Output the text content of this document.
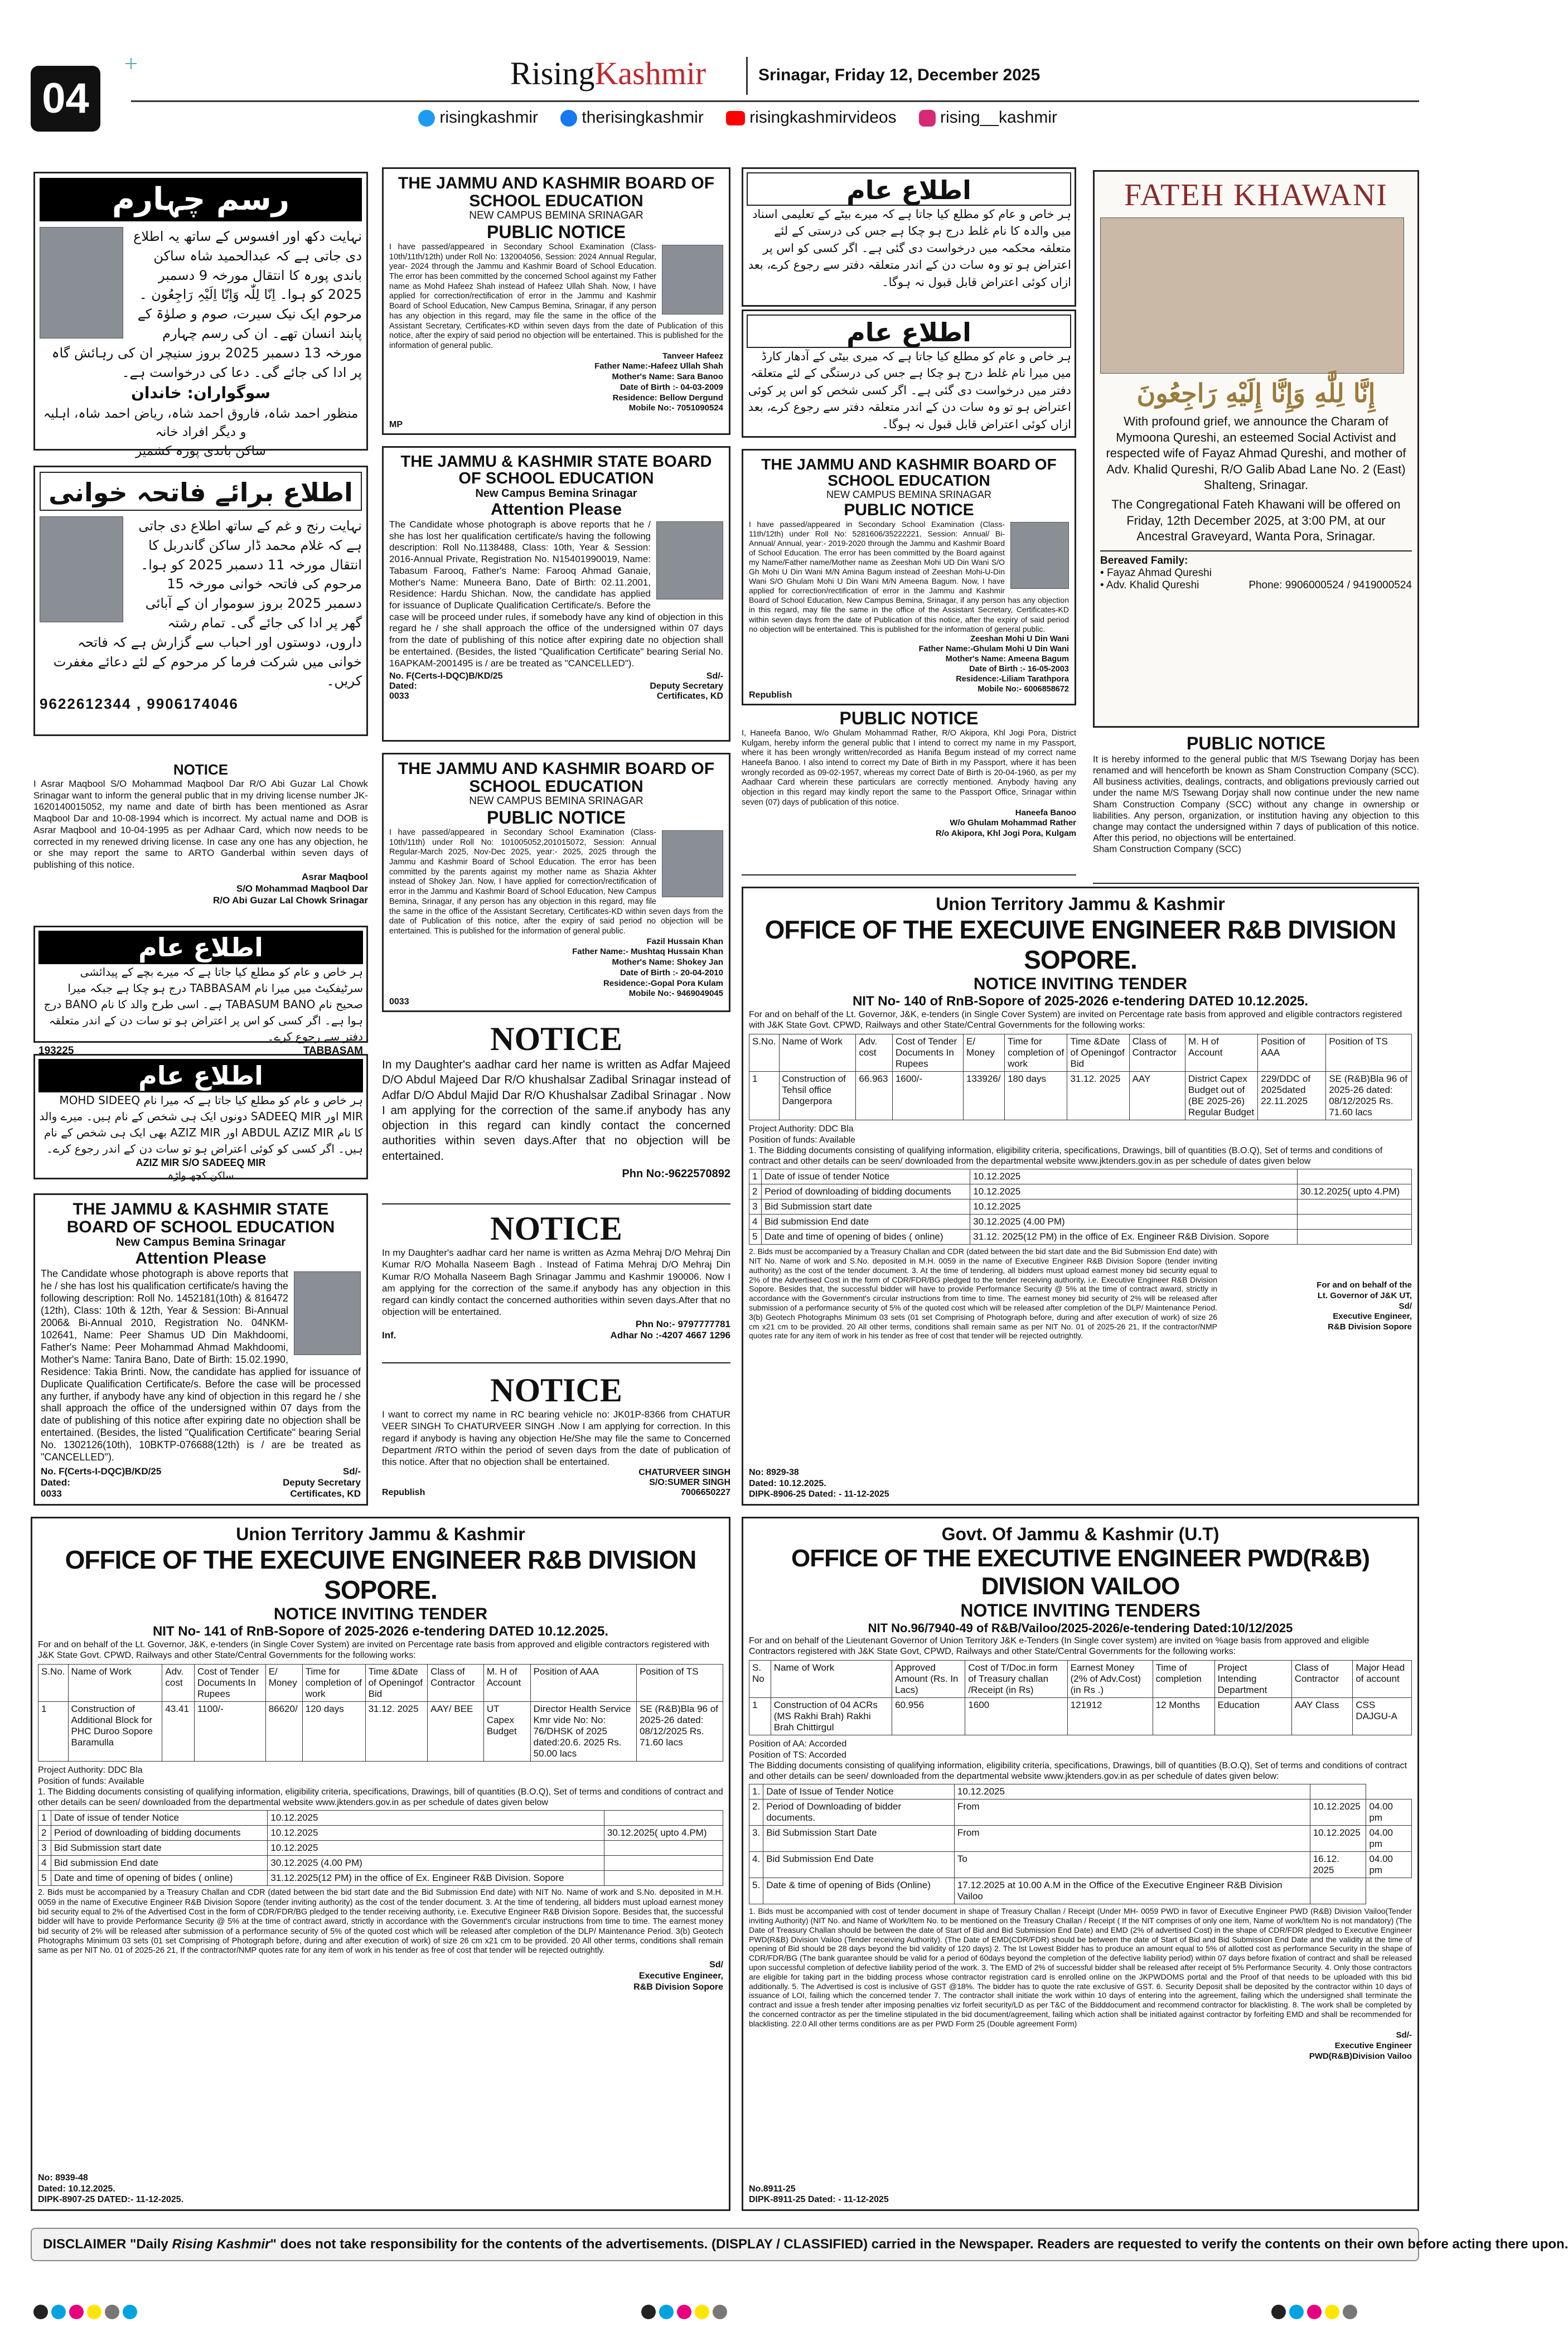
04
RisingKashmir	Srinagar, Friday 12, December 2025
risingkashmir	therisingkashmir	risingkashmirvideos	rising__kashmir
رسم چہارم

نہایت دکھ اور افسوس کے ساتھ یہ اطلاع دی جاتی ہے کہ عبدالحمید شاہ ساکن باندی پورہ کا انتقال مورخہ 9 دسمبر 2025 کو ہوا۔ اِنّا لِلّٰہ وَاِنّا اِلَیْہِ رَاجِعُون ۔ مرحوم ایک نیک سیرت، صوم و صلوٰۃ کے پابند انسان تھے۔ ان کی رسم چہارم مورخہ 13 دسمبر 2025 بروز سنیچر ان کی رہائش گاہ پر ادا کی جائے گی۔ دعا کی درخواست ہے۔

سوگواران: خاندان

منظور احمد شاہ، فاروق احمد شاہ، ریاض احمد شاہ، اہلیہ و دیگر افراد خانہ

ساکن باندی پورہ کشمیر

اطلاع برائے فاتحہ خوانی

نہایت رنج و غم کے ساتھ اطلاع دی جاتی ہے کہ غلام محمد ڈار ساکن گاندربل کا انتقال مورخہ 11 دسمبر 2025 کو ہوا۔ مرحوم کی فاتحہ خوانی مورخہ 15 دسمبر 2025 بروز سوموار ان کے آبائی گھر پر ادا کی جائے گی۔ تمام رشتہ داروں، دوستوں اور احباب سے گزارش ہے کہ فاتحہ خوانی میں شرکت فرما کر مرحوم کے لئے دعائے مغفرت کریں۔

9622612344 , 9906174046

NOTICE

I Asrar Maqbool S/O Mohammad Maqbool Dar R/O Abi Guzar Lal Chowk Srinagar want to inform the general public that in my driving license number JK-1620140015052, my name and date of birth has been mentioned as Asrar Maqbool Dar and 10-08-1994 which is incorrect. My actual name and DOB is Asrar Maqbool and 10-04-1995 as per Adhaar Card, which now needs to be corrected in my renewed driving license. In case any one has any objection, he or she may report the same to ARTO Ganderbal within seven days of publishing of this notice.

Asrar Maqbool
S/O Mohammad Maqbool Dar
R/O Abi Guzar Lal Chowk Srinagar
اطلاع عام

ہر خاص و عام کو مطلع کیا جاتا ہے کہ میرے بچے کے پیدائشی سرٹیفکیٹ میں میرا نام TABBASAM درج ہو چکا ہے جبکہ میرا صحیح نام TABASUM BANO ہے۔ اسی طرح والد کا نام BANO درج ہوا ہے۔ اگر کسی کو اس پر اعتراض ہو تو سات دن کے اندر متعلقہ دفتر سے رجوع کرے۔

193225	TABBASAM
اطلاع عام

ہر خاص و عام کو مطلع کیا جاتا ہے کہ میرا نام MOHD SIDEEQ MIR اور SADEEQ MIR دونوں ایک ہی شخص کے نام ہیں۔ میرے والد کا نام ABDUL AZIZ MIR اور AZIZ MIR بھی ایک ہی شخص کے نام ہیں۔ اگر کسی کو کوئی اعتراض ہو تو سات دن کے اندر رجوع کرے۔

AZIZ MIR S/O SADEEQ MIR
ساکن کچھ واڑہ
THE JAMMU & KASHMIR STATE BOARD OF SCHOOL EDUCATION
New Campus Bemina Srinagar
Attention Please

The Candidate whose photograph is above reports that he / she has lost his qualification certificate/s having the following description: Roll No. 1452181(10th) & 816472 (12th), Class: 10th & 12th, Year & Session: Bi-Annual 2006& Bi-Annual 2010, Registration No. 04NKM-102641, Name: Peer Shamus UD Din Makhdoomi, Father's Name: Peer Mohammad Ahmad Makhdoomi, Mother's Name: Tanira Bano, Date of Birth: 15.02.1990, Residence: Takia Brinti. Now, the candidate has applied for issuance of Duplicate Qualification Certificate/s. Before the case will be processed any further, if anybody have any kind of objection in this regard he / she shall approach the office of the undersigned within 07 days from the date of publishing of this notice after expiring date no objection shall be entertained. (Besides, the listed "Qualification Certificate" bearing Serial No. 1302126(10th), 10BKTP-076688(12th) is / are be treated as "CANCELLED").

No. F(Certs-I-DQC)B/KD/25
Dated:
0033
Sd/-
Deputy Secretary
Certificates, KD
THE JAMMU AND KASHMIR BOARD OF SCHOOL EDUCATION
NEW CAMPUS BEMINA SRINAGAR
PUBLIC NOTICE

I have passed/appeared in Secondary School Examination (Class-10th/11th/12th) under Roll No: 132004056, Session: 2024 Annual Regular, year- 2024 through the Jammu and Kashmir Board of School Education. The error has been committed by the concerned School against my Father name as Mohd Hafeez Shah instead of Hafeez Ullah Shah. Now, I have applied for correction/rectification of error in the Jammu and Kashmir Board of School Education, New Campus Bemina, Srinagar, if any person has any objection in this regard, may file the same in the office of the Assistant Secretary, Certificates-KD within seven days from the date of Publication of this notice, after the expiry of said period no objection will be entertained. This is published for the information of general public.

Tanveer Hafeez
Father Name:-Hafeez Ullah Shah
Mother's Name: Sara Banoo
Date of Birth :- 04-03-2009
Residence: Bellow Dergund
Mobile No:- 7051090524
MP
THE JAMMU & KASHMIR STATE BOARD OF SCHOOL EDUCATION
New Campus Bemina Srinagar
Attention Please

The Candidate whose photograph is above reports that he / she has lost her qualification certificate/s having the following description: Roll No.1138488, Class: 10th, Year & Session: 2016-Annual Private, Registration No. N15401990019, Name: Tabasum Farooq, Father's Name: Farooq Ahmad Ganaie, Mother's Name: Muneera Bano, Date of Birth: 02.11.2001, Residence: Hardu Shichan. Now, the candidate has applied for issuance of Duplicate Qualification Certificate/s. Before the case will be proceed under rules, if somebody have any kind of objection in this regard he / she shall approach the office of the undersigned within 07 days from the date of publishing of this notice after expiring date no objection shall be entertained. (Besides, the listed "Qualification Certificate" bearing Serial No. 16APKAM-2001495 is / are be treated as "CANCELLED").

No. F(Certs-I-DQC)B/KD/25
Dated:
0033
Sd/-
Deputy Secretary
Certificates, KD
THE JAMMU AND KASHMIR BOARD OF SCHOOL EDUCATION
NEW CAMPUS BEMINA SRINAGAR
PUBLIC NOTICE

I have passed/appeared in Secondary School Examination (Class-10th/11th) under Roll No: 101005052,201015072, Session: Annual Regular-March 2025, Nov-Dec 2025, year:- 2025, 2025 through the Jammu and Kashmir Board of School Education. The error has been committed by the parents against my mother name as Shazia Akhter instead of Shokey Jan. Now, I have applied for correction/rectification of error in the Jammu and Kashmir Board of School Education, New Campus Bemina, Srinagar, if any person has any objection in this regard, may file the same in the office of the Assistant Secretary, Certificates-KD within seven days from the date of Publication of this notice, after the expiry of said period no objection will be entertained. This is published for the information of general public.

Fazil Hussain Khan
Father Name:- Mushtaq Hussain Khan
Mother's Name: Shokey Jan
Date of Birth :- 20-04-2010
Residence:-Gopal Pora Kulam
Mobile No:- 9469049045
0033
NOTICE

In my Daughter's aadhar card her name is written as Adfar Majeed D/O Abdul Majeed Dar R/O khushalsar Zadibal Srinagar instead of Adfar D/O Abdul Majid Dar R/O Khushalsar Zadibal Srinagar . Now I am applying for the correction of the same.if anybody has any objection in this regard can kindly contact the concerned authorities within seven days.After that no objection will be entertained.

Phn No:-9622570892
NOTICE

In my Daughter's aadhar card her name is written as Azma Mehraj D/O Mehraj Din Kumar R/O Mohalla Naseem Bagh . Instead of Fatima Mehraj D/O Mehraj Din Kumar R/O Mohalla Naseem Bagh Srinagar Jammu and Kashmir 190006. Now I am applying for the correction of the same.if anybody has any objection in this regard can kindly contact the concerned authorities within seven days.After that no objection will be entertained.

Phn No:- 9797777781
Inf.	Adhar No :-4207 4667 1296
NOTICE

I want to correct my name in RC bearing vehicle no: JK01P-8366 from CHATUR VEER SINGH To CHATURVEER SINGH .Now I am applying for correction. In this regard if anybody is having any objection He/She may file the same to Concerned Department /RTO within the period of seven days from the date of publication of this notice. After that no objection shall be entertained.

Republish
CHATURVEER SINGH
S/O:SUMER SINGH
7006650227
اطلاع عام

ہر خاص و عام کو مطلع کیا جاتا ہے کہ میرے بیٹے کے تعلیمی اسناد میں والدہ کا نام غلط درج ہو چکا ہے جس کی درستی کے لئے متعلقہ محکمہ میں درخواست دی گئی ہے۔ اگر کسی کو اس پر اعتراض ہو تو وہ سات دن کے اندر متعلقہ دفتر سے رجوع کرے، بعد ازاں کوئی اعتراض قابل قبول نہ ہوگا۔

اطلاع عام

ہر خاص و عام کو مطلع کیا جاتا ہے کہ میری بیٹی کے آدھار کارڈ میں میرا نام غلط درج ہو چکا ہے جس کی درستگی کے لئے متعلقہ دفتر میں درخواست دی گئی ہے۔ اگر کسی شخص کو اس پر کوئی اعتراض ہو تو وہ سات دن کے اندر متعلقہ دفتر سے رجوع کرے، بعد ازاں کوئی اعتراض قابل قبول نہ ہوگا۔

THE JAMMU AND KASHMIR BOARD OF SCHOOL EDUCATION
NEW CAMPUS BEMINA SRINAGAR
PUBLIC NOTICE

I have passed/appeared in Secondary School Examination (Class-11th/12th) under Roll No: 5281606/35222221, Session: Annual/ Bi-Annual/ Annual, year:- 2019-2020 through the Jammu and Kashmir Board of School Education. The error has been committed by the Board against my Name/Father name/Mother name as Zeeshan Mohi UD Din Wani S/O Gh Mohi U Din Wani M/N Amina Bagum instead of Zeeshan Mohi-U-Din Wani S/O Ghulam Mohi U Din Wani M/N Ameena Bagum. Now, I have applied for correction/rectification of error in the Jammu and Kashmir Board of School Education, New Campus Bemina, Srinagar, if any person has any objection in this regard, may file the same in the office of the Assistant Secretary, Certificates-KD within seven days from the date of Publication of this notice, after the expiry of said period no objection will be entertained. This is published for the information of general public.

Zeeshan Mohi U Din Wani
Father Name:-Ghulam Mohi U Din Wani
Mother's Name: Ameena Bagum
Date of Birth :- 16-05-2003
Residence:-Liliam Tarathpora
Mobile No:- 6006858672
Republish
PUBLIC NOTICE

I, Haneefa Banoo, W/o Ghulam Mohammad Rather, R/O Akipora, Khl Jogi Pora, District Kulgam, hereby inform the general public that I intend to correct my name in my Passport, where it has been wrongly written/recorded as Hanifa Begum instead of my correct name Haneefa Banoo. I also intend to correct my Date of Birth in my Passport, where it has been wrongly recorded as 09-02-1957, whereas my correct Date of Birth is 20-04-1960, as per my Aadhaar Card wherein these particulars are correctly mentioned. Anybody having any objection in this regard may kindly report the same to the Passport Office, Srinagar within seven (07) days of publication of this notice.

Haneefa Banoo
W/o Ghulam Mohammad Rather
R/o Akipora, Khl Jogi Pora, Kulgam
FATEH KHAWANI
إِنَّا لِلَّٰهِ وَإِنَّا إِلَيْهِ رَاجِعُونَ

With profound grief, we announce the Charam of Mymoona Qureshi, an esteemed Social Activist and respected wife of Fayaz Ahmad Qureshi, and mother of Adv. Khalid Qureshi, R/O Galib Abad Lane No. 2 (East) Shalteng, Srinagar.

The Congregational Fateh Khawani will be offered on Friday, 12th December 2025, at 3:00 PM, at our Ancestral Graveyard, Wanta Pora, Srinagar.

Bereaved Family:
• Fayaz Ahmad Qureshi
• Adv. Khalid Qureshi	Phone: 9906000524 / 9419000524
PUBLIC NOTICE

It is hereby informed to the general public that M/S Tsewang Dorjay has been renamed and will henceforth be known as Sham Construction Company (SCC). All business activities, dealings, contracts, and obligations previously carried out under the name M/S Tsewang Dorjay shall now continue under the new name Sham Construction Company (SCC) without any change in ownership or liabilities. Any person, organization, or institution having any objection to this change may contact the undersigned within 7 days of publication of this notice. After this period, no objections will be entertained.

Sham Construction Company (SCC)
Union Territory Jammu & Kashmir
OFFICE OF THE EXECUIVE ENGINEER R&B DIVISION SOPORE.
NOTICE INVITING TENDER
NIT No- 140 of RnB-Sopore of 2025-2026 e-tendering DATED 10.12.2025.

For and on behalf of the Lt. Governor, J&K, e-tenders (in Single Cover System) are invited on Percentage rate basis from approved and eligible contractors registered with J&K State Govt. CPWD, Railways and other State/Central Governments for the following works:

S.No.	Name of Work	Adv. cost	Cost of Tender Documents In Rupees	E/ Money	Time for completion of work	Time &Date of Openingof Bid	Class of Contractor	M. H of Account	Position of AAA	Position of TS
1	Construction of Tehsil office Dangerpora	66.963	1600/-	133926/	180 days	31.12. 2025	AAY	District Capex Budget out of (BE 2025-26) Regular Budget	229/DDC of 2025dated 22.11.2025	SE (R&B)Bla 96 of 2025-26 dated: 08/12/2025 Rs. 71.60 lacs
Project Authority: DDC Bla
Position of funds: Available

1. The Bidding documents consisting of qualifying information, eligibility criteria, specifications, Drawings, bill of quantities (B.O.Q), Set of terms and conditions of contract and other details can be seen/ downloaded from the departmental website www.jktenders.gov.in as per schedule of dates given below

1	Date of issue of tender Notice	10.12.2025	
2	Period of downloading of bidding documents	10.12.2025	30.12.2025( upto 4.PM)
3	Bid Submission start date	10.12.2025	
4	Bid submission End date	30.12.2025 (4.00 PM)	
5	Date and time of opening of bides ( online)	31.12. 2025(12 PM) in the office of Ex. Engineer R&B Division. Sopore	

2. Bids must be accompanied by a Treasury Challan and CDR (dated between the bid start date and the Bid Submission End date) with NIT No. Name of work and S.No. deposited in M.H. 0059 in the name of Executive Engineer R&B Division Sopore (tender inviting authority) as the cost of the tender document. 3. At the time of tendering, all bidders must upload earnest money bid security equal to 2% of the Advertised Cost in the form of CDR/FDR/BG pledged to the tender receiving authority, i.e. Executive Engineer R&B Division Sopore. Besides that, the successful bidder will have to provide Performance Security @ 5% at the time of contract award, strictly in accordance with the Government's circular instructions from time to time. The earnest money bid security of 2% will be released after submission of a performance security of 5% of the quoted cost which will be released after completion of the DLP/ Maintenance Period. 3(b) Geotech Photographs Minimum 03 sets (01 set Comprising of Photograph before, during and after execution of work) of size 26 cm x21 cm to be provided. 20 All other terms, conditions shall remain same as per NIT No. 01 of 2025-26 21, If the contractor/NMP quotes rate for any item of work in his tender as free of cost that tender will be rejected outrightly.

For and on behalf of the
Lt. Governor of J&K UT,
Sd/
Executive Engineer,
R&B Division Sopore
No: 8929-38
Dated: 10.12.2025.
DIPK-8906-25 Dated: - 11-12-2025
Union Territory Jammu & Kashmir
OFFICE OF THE EXECUIVE ENGINEER R&B DIVISION SOPORE.
NOTICE INVITING TENDER
NIT No- 141 of RnB-Sopore of 2025-2026 e-tendering DATED 10.12.2025.

For and on behalf of the Lt. Governor, J&K, e-tenders (in Single Cover System) are invited on Percentage rate basis from approved and eligible contractors registered with J&K State Govt. CPWD, Railways and other State/Central Governments for the following works:

S.No.	Name of Work	Adv. cost	Cost of Tender Documents In Rupees	E/ Money	Time for completion of work	Time &Date of Openingof Bid	Class of Contractor	M. H of Account	Position of AAA	Position of TS
1	Construction of Additional Block for PHC Duroo Sopore Baramulla	43.41	1100/-	86620/	120 days	31.12. 2025	AAY/ BEE	UT Capex Budget	Director Health Service Kmr vide No: No: 76/DHSK of 2025 dated:20.6. 2025 Rs. 50.00 lacs	SE (R&B)Bla 96 of 2025-26 dated: 08/12/2025 Rs. 71.60 lacs
Project Authority: DDC Bla
Position of funds: Available

1. The Bidding documents consisting of qualifying information, eligibility criteria, specifications, Drawings, bill of quantities (B.O.Q), Set of terms and conditions of contract and other details can be seen/ downloaded from the departmental website www.jktenders.gov.in as per schedule of dates given below

1	Date of issue of tender Notice	10.12.2025	
2	Period of downloading of bidding documents	10.12.2025	30.12.2025( upto 4.PM)
3	Bid Submission start date	10.12.2025	
4	Bid submission End date	30.12.2025 (4.00 PM)	
5	Date and time of opening of bides ( online)	31.12.2025(12 PM) in the office of Ex. Engineer R&B Division. Sopore	

2. Bids must be accompanied by a Treasury Challan and CDR (dated between the bid start date and the Bid Submission End date) with NIT No. Name of work and S.No. deposited in M.H. 0059 in the name of Executive Engineer R&B Division Sopore (tender inviting authority) as the cost of the tender document. 3. At the time of tendering, all bidders must upload earnest money bid security equal to 2% of the Advertised Cost in the form of CDR/FDR/BG pledged to the tender receiving authority, i.e. Executive Engineer R&B Division Sopore. Besides that, the successful bidder will have to provide Performance Security @ 5% at the time of contract award, strictly in accordance with the Government's circular instructions from time to time. The earnest money bid security of 2% will be released after submission of a performance security of 5% of the quoted cost which will be released after completion of the DLP/ Maintenance Period. 3(b) Geotech Photographs Minimum 03 sets (01 set Comprising of Photograph before, during and after execution of work) of size 26 cm x21 cm to be provided. 20 All other terms, conditions shall remain same as per NIT No. 01 of 2025-26 21, If the contractor/NMP quotes rate for any item of work in his tender as free of cost that tender will be rejected outrightly.

Sd/
Executive Engineer,
R&B Division Sopore
No: 8939-48
Dated: 10.12.2025.
DIPK-8907-25 DATED:- 11-12-2025.
Govt. Of Jammu & Kashmir (U.T)
OFFICE OF THE EXECUTIVE ENGINEER PWD(R&B) DIVISION VAILOO
NOTICE INVITING TENDERS
NIT No.96/7940-49 of R&B/Vailoo/2025-2026/e-tendering Dated:10/12/2025

For and on behalf of the Lieutenant Governor of Union Territory J&K e-Tenders (In Single cover system) are invited on %age basis from approved and eligible Contractors registered with J&K State Govt, CPWD, Railways and other State/Central Governments for the following works:

S. No	Name of Work	Approved Amount (Rs. In Lacs)	Cost of T/Doc.in form of Treasury challan /Receipt (in Rs)	Earnest Money (2% of Adv.Cost) (in Rs .)	Time of completion	Project Intending Department	Class of Contractor	Major Head of account
1	Construction of 04 ACRs (MS Rakhi Brah) Rakhi Brah Chittirgul	60.956	1600	121912	12 Months	Education	AAY Class	CSS DAJGU-A
Position of AA: Accorded
Position of TS: Accorded

The Bidding documents consisting of qualifying information, eligibility criteria, specifications, Drawings, bill of quantities (B.O.Q), Set of terms and conditions of contract and other details can be seen/ downloaded from the departmental website www.jktenders.gov.in as per schedule of dates given below:

1.	Date of Issue of Tender Notice	10.12.2025		
2.	Period of Downloading of bidder documents.	From	10.12.2025	04.00 pm
3.	Bid Submission Start Date	From	10.12.2025	04.00 pm
4.	Bid Submission End Date	To	16.12. 2025	04.00 pm
5.	Date & time of opening of Bids (Online)	17.12.2025 at 10.00 A.M in the Office of the Executive Engineer R&B Division Vailoo		

1. Bids must be accompanied with cost of tender document in shape of Treasury Challan / Receipt (Under MH- 0059 PWD in favor of Executive Engineer PWD (R&B) Division Vailoo(Tender inviting Authority) (NIT No. and Name of Work/Item No. to be mentioned on the Treasury Challan / Receipt ( If the NIT comprises of only one item, Name of work/Item No is not mandatory) (The Date of Treasury Challan should be between the date of Start of Bid and Bid Submission End Date) and EMD (2% of advertised Cost) in the shape of CDR/FDR pledged to Executive Engineer PWD(R&B) Division Vailoo (Tender receiving Authority). (The Date of EMD(CDR/FDR) should be between the date of Start of Bid and Bid Submission End Date and the validity at the time of opening of Bid should be 28 days beyond the bid validity of 120 days) 2. The lst Lowest Bidder has to produce an amount equal to 5% of allotted cost as performance Security in the shape of CDR/FDR/BG (The bank guarantee should be valid for a period of 60days beyond the completion of the defective liability period) within 07 days before fixation of contract and shall be released upon successful completion of defective liability period of the work. 3. The EMD of 2% of successful bidder shall be released after receipt of 5% Performance Security. 4. Only those contractors are eligible for taking part in the bidding process whose contractor registration card is enrolled online on the JKPWDOMS portal and the Proof of that needs to be uploaded with this bid additionally. 5. The Advertised is cost is inclusive of GST @18%. The bidder has to quote the rate exclusive of GST. 6. Security Deposit shall be deposited by the contractor within 10 days of issuance of LOI, failing which the concerned tender 7. The contractor shall initiate the work within 10 days of entering into the agreement, failing which the undersigned shall terminate the contract and issue a fresh tender after imposing penalties viz forfeit security/LD as per T&C of the Bidddocument and recommend contractor for blacklisting. 8. The work shall be completed by the concerned contractor as per the timeline stipulated in the bid document/agreement, failing which action shall be initiated against contractor by forfeiting EMD and shall be recommended for blacklisting. 22.0 All other terms conditions are as per PWD Form 25 (Double agreement Form)

Sd/-
Executive Engineer
PWD(R&B)Division Vailoo
No.8911-25
DIPK-8911-25 Dated: - 11-12-2025
DISCLAIMER "Daily Rising Kashmir" does not take responsibility for the contents of the advertisements. (DISPLAY / CLASSIFIED) carried in the Newspaper. Readers are requested to verify the contents on their own before acting there upon.
